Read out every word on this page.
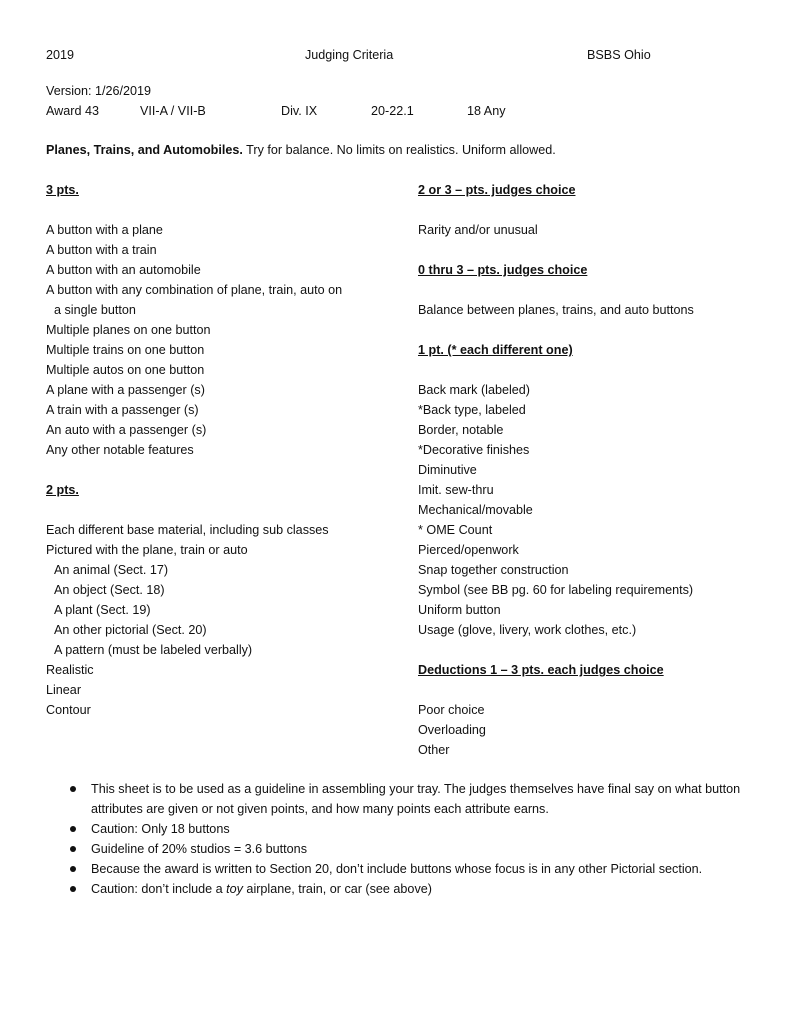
2019	Judging Criteria	BSBS Ohio
Version: 1/26/2019
Award 43	VII-A / VII-B	Div. IX	20-22.1	18 Any
Planes, Trains, and Automobiles. Try for balance. No limits on realistics. Uniform allowed.
3 pts.
A button with a plane
A button with a train
A button with an automobile
A button with any combination of plane, train, auto on
a single button
Multiple planes on one button
Multiple trains on one button
Multiple autos on one button
A plane with a passenger (s)
A train with a passenger (s)
An auto with a passenger (s)
Any other notable features
2 pts.
Each different base material, including sub classes
Pictured with the plane, train or auto
An animal (Sect. 17)
An object (Sect. 18)
A plant (Sect. 19)
An other pictorial (Sect. 20)
A pattern (must be labeled verbally)
Realistic
Linear
Contour
2 or 3 – pts. judges choice
Rarity and/or unusual
0 thru 3 – pts. judges choice
Balance between planes, trains, and auto buttons
1 pt. (* each different one)
Back mark (labeled)
*Back type, labeled
Border, notable
*Decorative finishes
Diminutive
Imit. sew-thru
Mechanical/movable
* OME Count
Pierced/openwork
Snap together construction
Symbol (see BB pg. 60 for labeling requirements)
Uniform button
Usage (glove, livery, work clothes, etc.)
Deductions 1 – 3 pts. each judges choice
Poor choice
Overloading
Other
This sheet is to be used as a guideline in assembling your tray. The judges themselves have final say on what button attributes are given or not given points, and how many points each attribute earns.
Caution: Only 18 buttons
Guideline of 20% studios = 3.6 buttons
Because the award is written to Section 20, don’t include buttons whose focus is in any other Pictorial section.
Caution: don’t include a toy airplane, train, or car (see above)
